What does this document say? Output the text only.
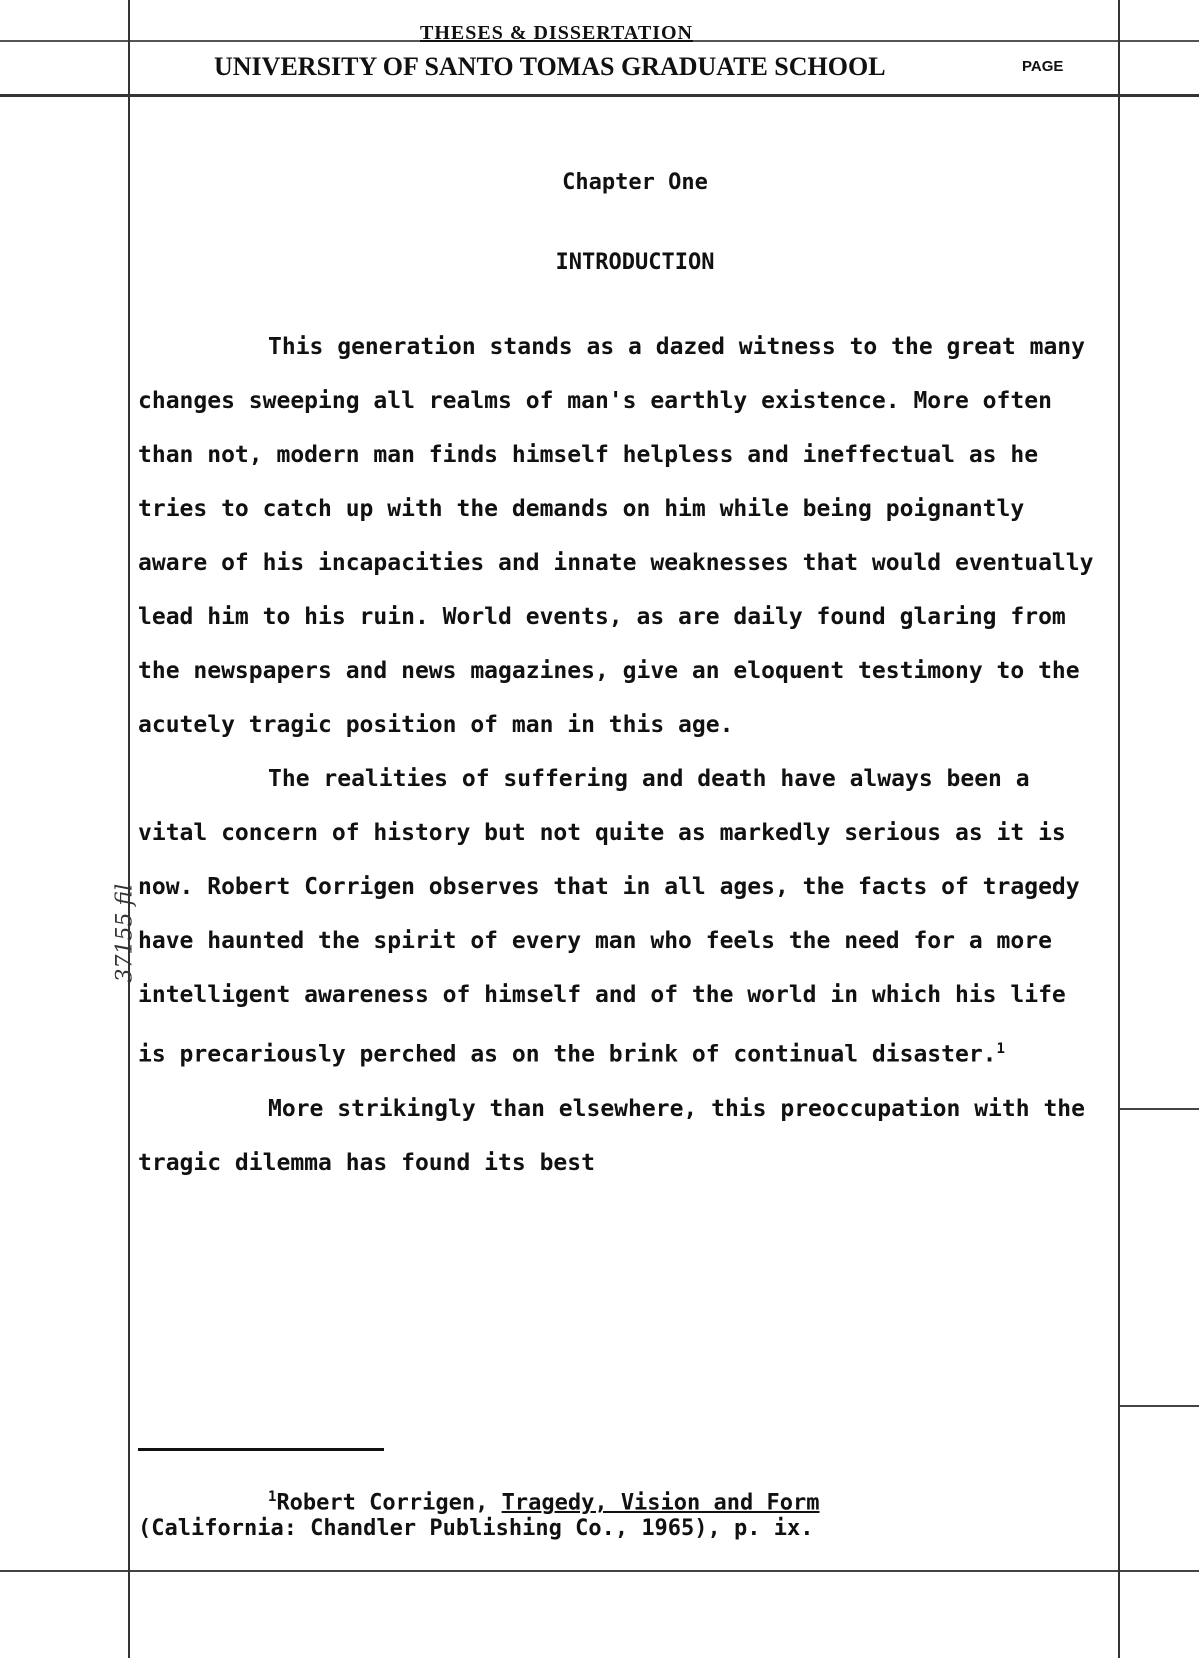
THESES & DISSERTATION
UNIVERSITY OF SANTO TOMAS GRADUATE SCHOOL	PAGE
Chapter One
INTRODUCTION

This generation stands as a dazed witness to the great many changes sweeping all realms of man's earthly existence. More often than not, modern man finds himself helpless and ineffectual as he tries to catch up with the demands on him while being poignantly aware of his incapacities and innate weaknesses that would eventually lead him to his ruin. World events, as are daily found glaring from the newspapers and news magazines, give an eloquent testimony to the acutely tragic position of man in this age.

The realities of suffering and death have always been a vital concern of history but not quite as markedly serious as it is now. Robert Corrigen observes that in all ages, the facts of tragedy have haunted the spirit of every man who feels the need for a more intelligent awareness of himself and of the world in which his life is precariously perched as on the brink of continual disaster.$^1$

More strikingly than elsewhere, this preoccupation with the tragic dilemma has found its best

$^1$Robert Corrigen, Tragedy, Vision and Form
(California: Chandler Publishing Co., 1965), p. ix.
37155 fil
